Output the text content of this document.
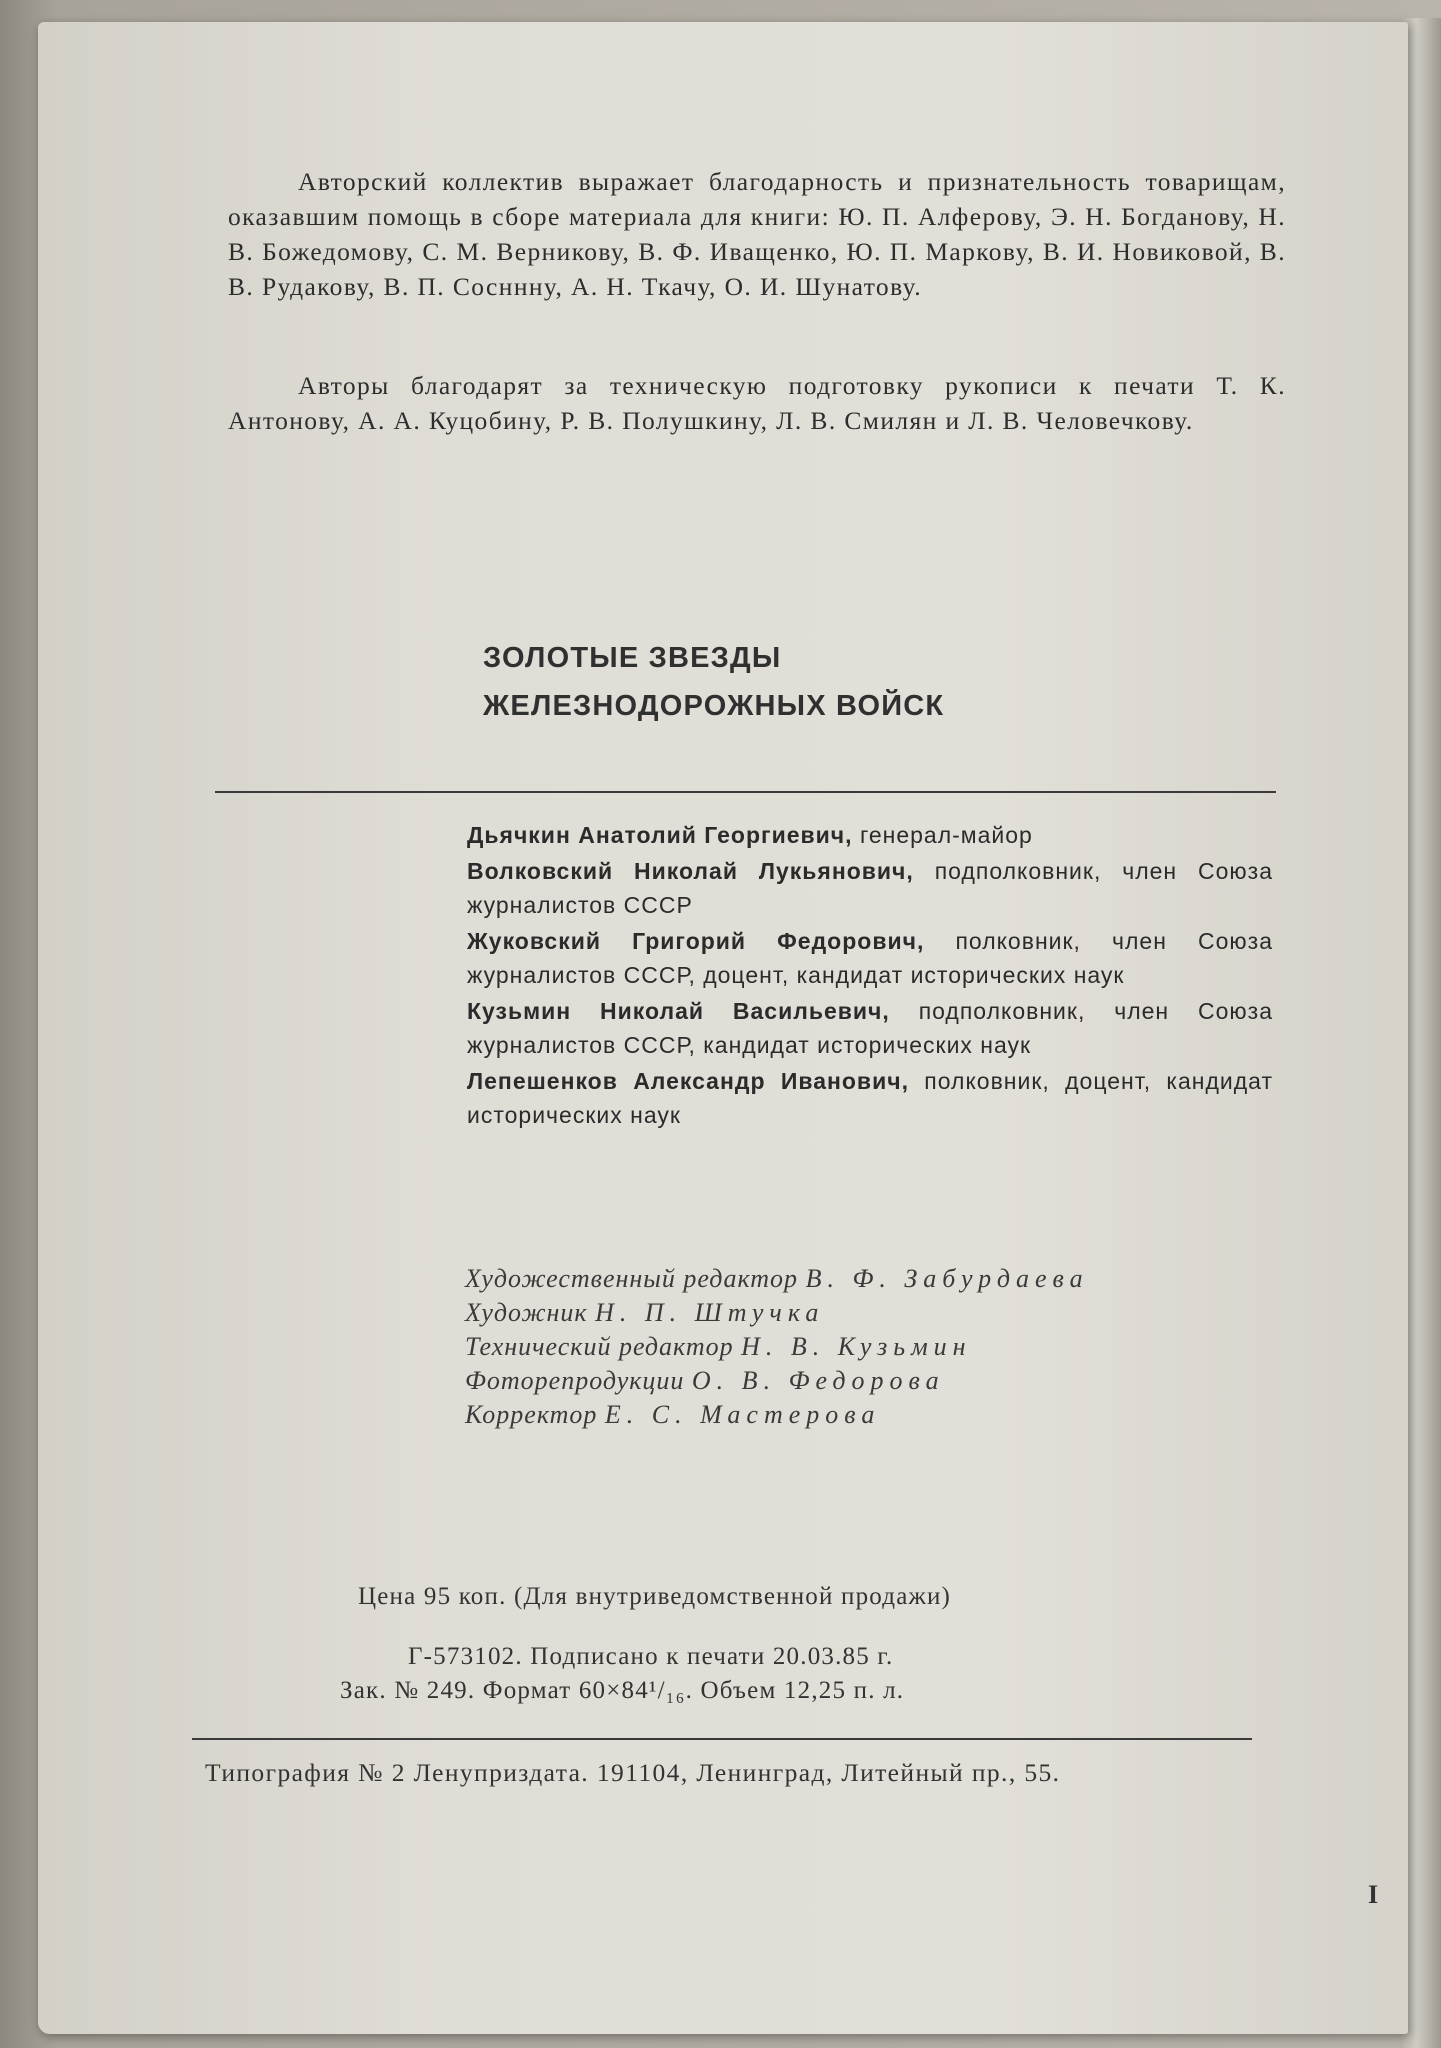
Авторский коллектив выражает благодарность и признательность товарищам, оказавшим помощь в сборе материала для книги: Ю. П. Алферову, Э. Н. Богданову, Н. В. Божедомову, С. М. Верникову, В. Ф. Иващенко, Ю. П. Маркову, В. И. Новиковой, В. В. Рудакову, В. П. Сосннну, А. Н. Ткачу, О. И. Шунатову.

Авторы благодарят за техническую подготовку рукописи к печати Т. К. Антонову, А. А. Куцобину, Р. В. Полушкину, Л. В. Смилян и Л. В. Человечкову.

ЗОЛОТЫЕ ЗВЕЗДЫ
ЖЕЛЕЗНОДОРОЖНЫХ ВОЙСК

Дьячкин Анатолий Георгиевич, генерал-майор

Волковский Николай Лукьянович, подполковник, член Союза журналистов СССР

Жуковский Григорий Федорович, полковник, член Союза журналистов СССР, доцент, кандидат исторических наук

Кузьмин Николай Васильевич, подполковник, член Союза журналистов СССР, кандидат исторических наук

Лепешенков Александр Иванович, полковник, доцент, кандидат исторических наук

Художественный редактор В. Ф. Забурдаева

Художник Н. П. Штучка

Технический редактор Н. В. Кузьмин

Фоторепродукции О. В. Федорова

Корректор Е. С. Мастерова

Цена 95 коп. (Для внутриведомственной продажи)

Г-573102. Подписано к печати 20.03.85 г.

Зак. № 249. Формат 60×84¹/₁₆. Объем 12,25 п. л.

Типография № 2 Ленуприздата. 191104, Ленинград, Литейный пр., 55.

I
